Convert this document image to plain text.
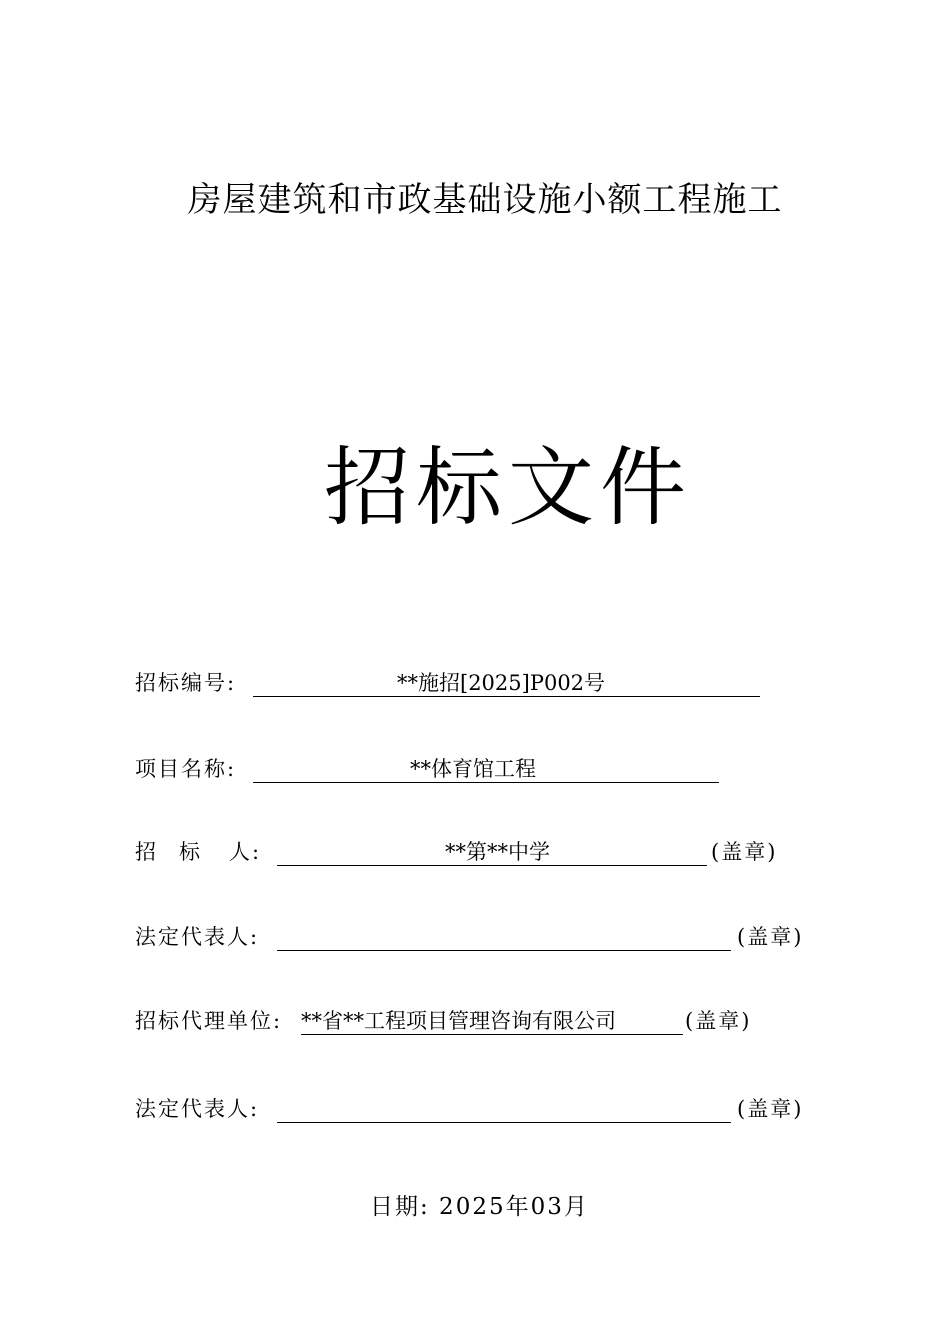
房屋建筑和市政基础设施小额工程施工
招标文件
招标编号:	**施招[2025]P002号
项目名称:	**体育馆工程
招 标 人:	**第**中学	(盖章)
法定代表人:	(盖章)
招标代理单位: **省**工程项目管理咨询有限公司	(盖章)
法定代表人:	(盖章)
日期: 2025年03月
